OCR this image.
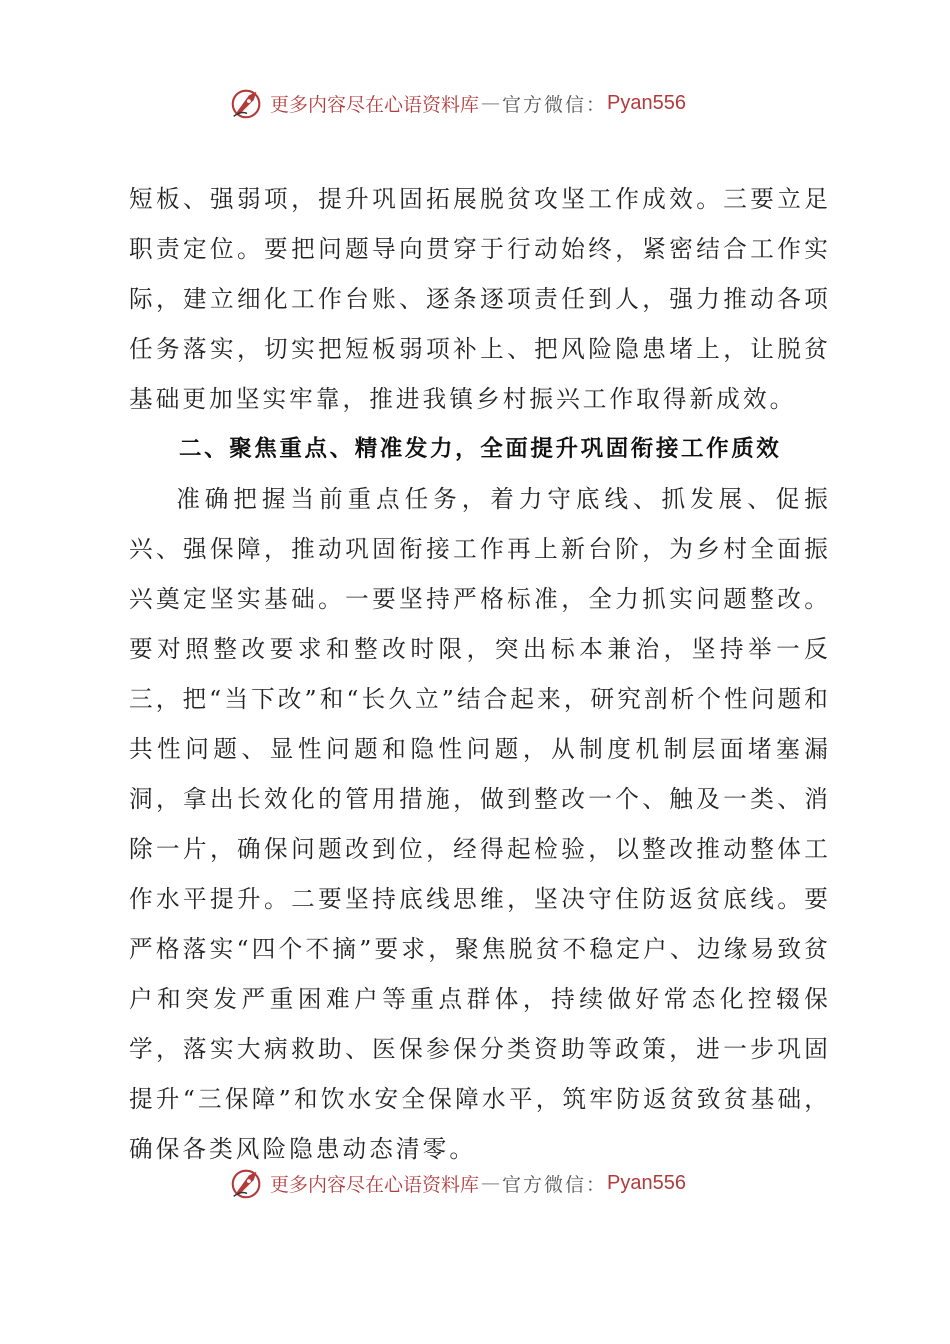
更多内容尽在心语资料库 — 官方微信： Pyan556

短板、强弱项，提升巩固拓展脱贫攻坚工作成效。三要立足职责定位。要把问题导向贯穿于行动始终，紧密结合工作实际，建立细化工作台账、逐条逐项责任到人，强力推动各项任务落实，切实把短板弱项补上、把风险隐患堵上，让脱贫基础更加坚实牢靠，推进我镇乡村振兴工作取得新成效。

二、聚焦重点、精准发力，全面提升巩固衔接工作质效

准确把握当前重点任务，着力守底线、抓发展、促振兴、强保障，推动巩固衔接工作再上新台阶，为乡村全面振兴奠定坚实基础。一要坚持严格标准，全力抓实问题整改。要对照整改要求和整改时限，突出标本兼治，坚持举一反三，把“当下改”和“长久立”结合起来，研究剖析个性问题和共性问题、显性问题和隐性问题，从制度机制层面堵塞漏洞，拿出长效化的管用措施，做到整改一个、触及一类、消除一片，确保问题改到位，经得起检验，以整改推动整体工作水平提升。二要坚持底线思维，坚决守住防返贫底线。要严格落实“四个不摘”要求，聚焦脱贫不稳定户、边缘易致贫户和突发严重困难户等重点群体，持续做好常态化控辍保学，落实大病救助、医保参保分类资助等政策，进一步巩固提升“三保障”和饮水安全保障水平，筑牢防返贫致贫基础，确保各类风险隐患动态清零。

更多内容尽在心语资料库 — 官方微信： Pyan556
